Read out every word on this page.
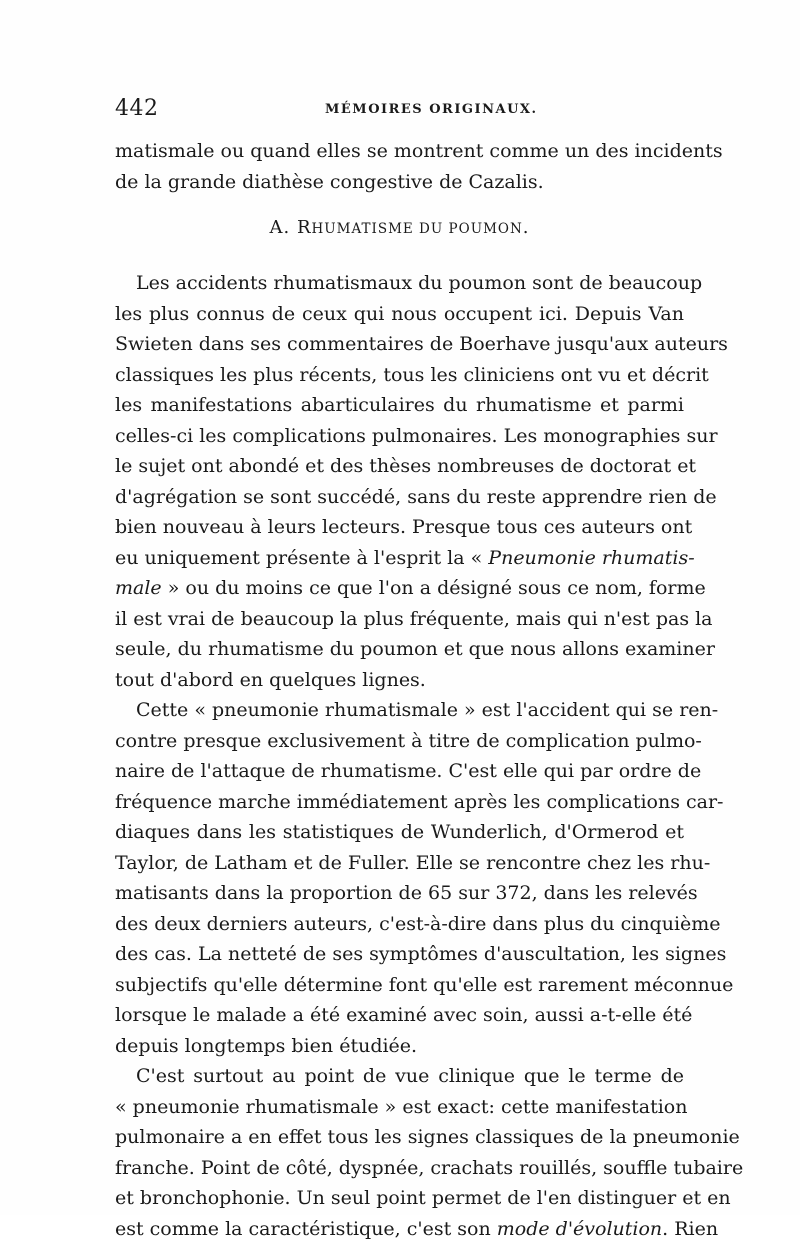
442	MÉMOIRES ORIGINAUX.
matismale ou quand elles se montrent comme un des incidents
de la grande diathèse congestive de Cazalis.
A. RHUMATISME DU POUMON.
Les accidents rhumatismaux du poumon sont de beaucoup
les plus connus de ceux qui nous occupent ici. Depuis Van
Swieten dans ses commentaires de Boerhave jusqu'aux auteurs
classiques les plus récents, tous les cliniciens ont vu et décrit
les manifestations abarticulaires du rhumatisme et parmi
celles-ci les complications pulmonaires. Les monographies sur
le sujet ont abondé et des thèses nombreuses de doctorat et
d'agrégation se sont succédé, sans du reste apprendre rien de
bien nouveau à leurs lecteurs. Presque tous ces auteurs ont
eu uniquement présente à l'esprit la « Pneumonie rhumatis-
male » ou du moins ce que l'on a désigné sous ce nom, forme
il est vrai de beaucoup la plus fréquente, mais qui n'est pas la
seule, du rhumatisme du poumon et que nous allons examiner
tout d'abord en quelques lignes.
Cette « pneumonie rhumatismale » est l'accident qui se ren-
contre presque exclusivement à titre de complication pulmo-
naire de l'attaque de rhumatisme. C'est elle qui par ordre de
fréquence marche immédiatement après les complications car-
diaques dans les statistiques de Wunderlich, d'Ormerod et
Taylor, de Latham et de Fuller. Elle se rencontre chez les rhu-
matisants dans la proportion de 65 sur 372, dans les relevés
des deux derniers auteurs, c'est-à-dire dans plus du cinquième
des cas. La netteté de ses symptômes d'auscultation, les signes
subjectifs qu'elle détermine font qu'elle est rarement méconnue
lorsque le malade a été examiné avec soin, aussi a-t-elle été
depuis longtemps bien étudiée.
C'est surtout au point de vue clinique que le terme de
« pneumonie rhumatismale » est exact: cette manifestation
pulmonaire a en effet tous les signes classiques de la pneumonie
franche. Point de côté, dyspnée, crachats rouillés, souffle tubaire
et bronchophonie. Un seul point permet de l'en distinguer et en
est comme la caractéristique, c'est son mode d'évolution. Rien
